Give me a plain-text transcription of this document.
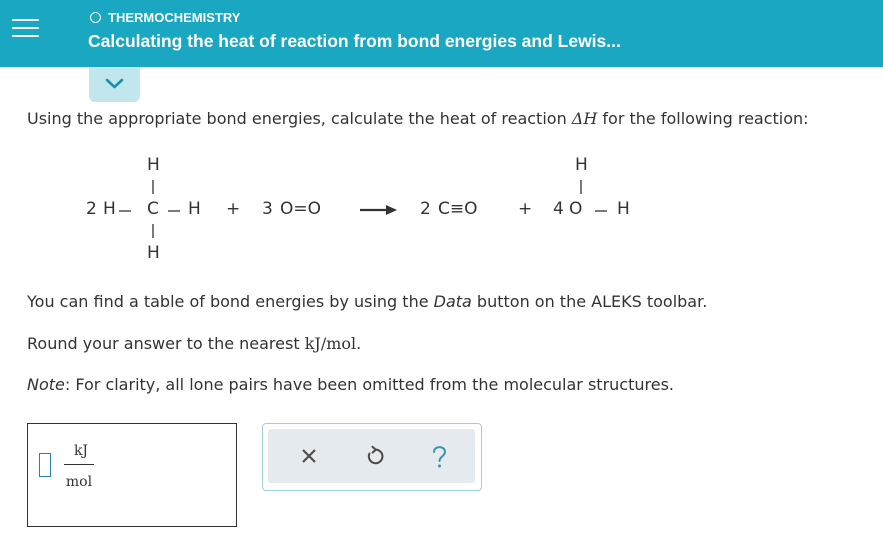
THERMOCHEMISTRY
Calculating the heat of reaction from bond energies and Lewis...
Using the appropriate bond energies, calculate the heat of reaction ΔH for the following reaction:
2 H C
H
H
H
+ 3 O=O → 2 C≡O + 4 O
H
H
You can find a table of bond energies by using the Data button on the ALEKS toolbar.
Round your answer to the nearest kJ/mol.
Note: For clarity, all lone pairs have been omitted from the molecular structures.
kJ
mol
